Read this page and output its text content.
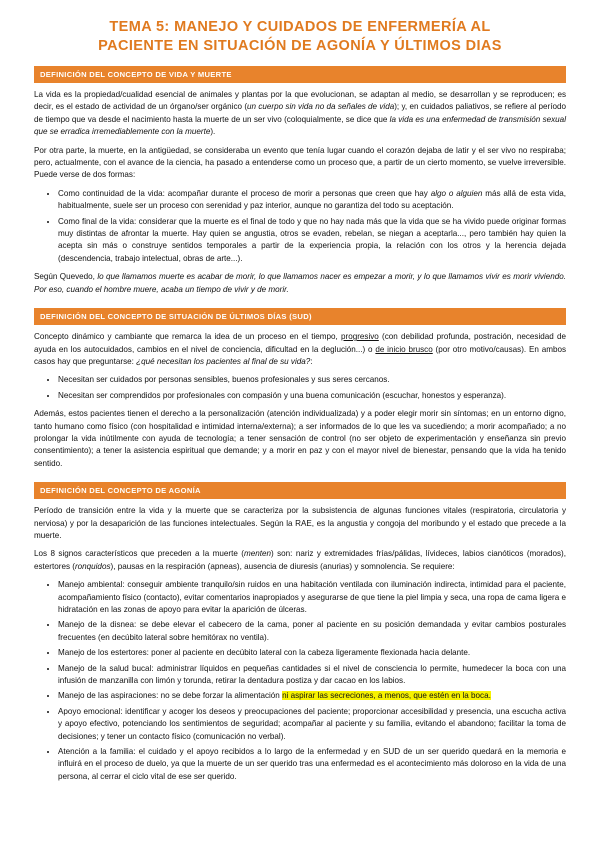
TEMA 5: MANEJO Y CUIDADOS DE ENFERMERÍA AL
PACIENTE EN SITUACIÓN DE AGONÍA Y ÚLTIMOS DIAS
DEFINICIÓN DEL CONCEPTO DE VIDA Y MUERTE

La vida es la propiedad/cualidad esencial de animales y plantas por la que evolucionan, se adaptan al medio, se desarrollan y se reproducen; es decir, es el estado de actividad de un órgano/ser orgánico (un cuerpo sin vida no da señales de vida); y, en cuidados paliativos, se refiere al período de tiempo que va desde el nacimiento hasta la muerte de un ser vivo (coloquialmente, se dice que la vida es una enfermedad de transmisión sexual que se erradica irremediablemente con la muerte).

Por otra parte, la muerte, en la antigüedad, se consideraba un evento que tenía lugar cuando el corazón dejaba de latir y el ser vivo no respiraba; pero, actualmente, con el avance de la ciencia, ha pasado a entenderse como un proceso que, a partir de un cierto momento, se vuelve irreversible. Puede verse de dos formas:

• Como continuidad de la vida: acompañar durante el proceso de morir a personas que creen que hay algo o alguien más allá de esta vida, habitualmente, suele ser un proceso con serenidad y paz interior, aunque no garantiza del todo su aceptación.
• Como final de la vida: considerar que la muerte es el final de todo y que no hay nada más que la vida que se ha vivido puede originar formas muy distintas de afrontar la muerte. Hay quien se angustia, otros se evaden, rebelan, se niegan a aceptarla..., pero también hay quien la acepta sin más o construye sentidos temporales a partir de la experiencia propia, la relación con los otros y la herencia dejada (descendencia, trabajo intelectual, obras de arte...).

Según Quevedo, lo que llamamos muerte es acabar de morir, lo que llamamos nacer es empezar a morir, y lo que llamamos vivir es morir viviendo. Por eso, cuando el hombre muere, acaba un tiempo de vivir y de morir.

DEFINICIÓN DEL CONCEPTO DE SITUACIÓN DE ÚLTIMOS DÍAS (SUD)

Concepto dinámico y cambiante que remarca la idea de un proceso en el tiempo, progresivo (con debilidad profunda, postración, necesidad de ayuda en los autocuidados, cambios en el nivel de conciencia, dificultad en la deglución...) o de inicio brusco (por otro motivo/causas). En ambos casos hay que preguntarse: ¿qué necesitan los pacientes al final de su vida?:

• Necesitan ser cuidados por personas sensibles, buenos profesionales y sus seres cercanos.
• Necesitan ser comprendidos por profesionales con compasión y una buena comunicación (escuchar, honestos y esperanza).

Además, estos pacientes tienen el derecho a la personalización (atención individualizada) y a poder elegir morir sin síntomas; en un entorno digno, tanto humano como físico (con hospitalidad e intimidad interna/externa); a ser informados de lo que les va sucediendo; a morir acompañado; a no prolongar la vida inútilmente con ayuda de tecnología; a tener sensación de control (no ser objeto de experimentación y enseñanza sin previo consentimiento); a tener la asistencia espiritual que demande; y a morir en paz y con el mayor nivel de bienestar, pensando que la vida ha tenido sentido.

DEFINICIÓN DEL CONCEPTO DE AGONÍA

Período de transición entre la vida y la muerte que se caracteriza por la subsistencia de algunas funciones vitales (respiratoria, circulatoria y nerviosa) y por la desaparición de las funciones intelectuales. Según la RAE, es la angustia y congoja del moribundo y el estado que precede a la muerte.

Los 8 signos característicos que preceden a la muerte (menten) son: nariz y extremidades frías/pálidas, lívideces, labios cianóticos (morados), estertores (ronquidos), pausas en la respiración (apneas), ausencia de diuresis (anurias) y somnolencia. Se requiere:

• Manejo ambiental: conseguir ambiente tranquilo/sin ruidos en una habitación ventilada con iluminación indirecta, intimidad para el paciente, acompañamiento físico (contacto), evitar comentarios inapropiados y asegurarse de que tiene la piel limpia y seca, una ropa de cama ligera e hidratación en las zonas de apoyo para evitar la aparición de úlceras.
• Manejo de la disnea: se debe elevar el cabecero de la cama, poner al paciente en su posición demandada y evitar cambios posturales frecuentes (en decúbito lateral sobre hemitórax no ventila).
• Manejo de los estertores: poner al paciente en decúbito lateral con la cabeza ligeramente flexionada hacia delante.
• Manejo de la salud bucal: administrar líquidos en pequeñas cantidades si el nivel de consciencia lo permite, humedecer la boca con una infusión de manzanilla con limón y torunda, retirar la dentadura postiza y dar cacao en los labios.
• Manejo de las aspiraciones: no se debe forzar la alimentación ni aspirar las secreciones, a menos, que estén en la boca.
• Apoyo emocional: identificar y acoger los deseos y preocupaciones del paciente; proporcionar accesibilidad y presencia, una escucha activa y apoyo efectivo, potenciando los sentimientos de seguridad; acompañar al paciente y su familia, evitando el abandono; facilitar la toma de decisiones; y tener un contacto físico (comunicación no verbal).
• Atención a la familia: el cuidado y el apoyo recibidos a lo largo de la enfermedad y en SUD de un ser querido quedará en la memoria e influirá en el proceso de duelo, ya que la muerte de un ser querido tras una enfermedad es el acontecimiento más doloroso en la vida de una persona, al cerrar el ciclo vital de ese ser querido.
